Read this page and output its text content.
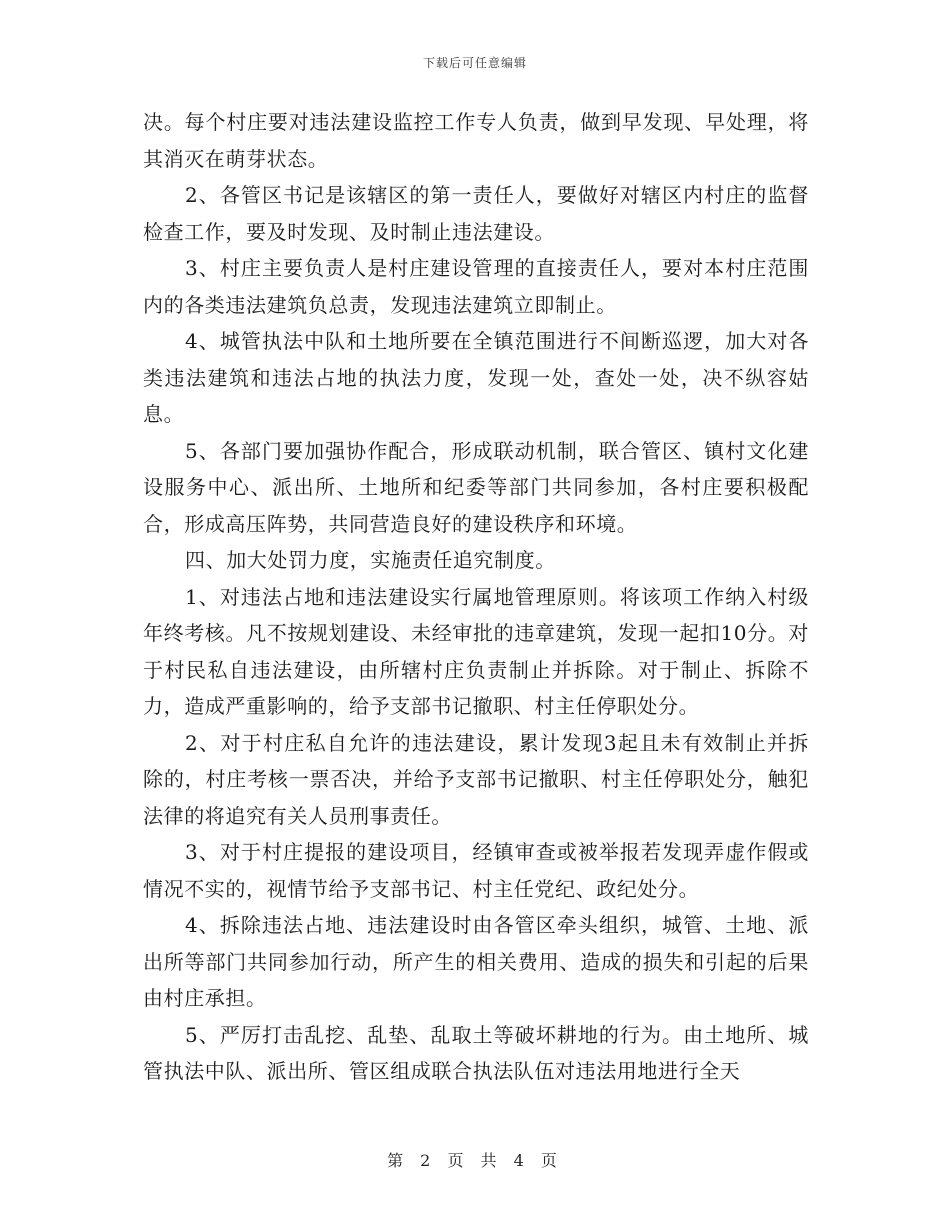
下载后可任意编辑

决。每个村庄要对违法建设监控工作专人负责，做到早发现、早处理，将其消灭在萌芽状态。

2、各管区书记是该辖区的第一责任人，要做好对辖区内村庄的监督检查工作，要及时发现、及时制止违法建设。

3、村庄主要负责人是村庄建设管理的直接责任人，要对本村庄范围内的各类违法建筑负总责，发现违法建筑立即制止。

4、城管执法中队和土地所要在全镇范围进行不间断巡逻，加大对各类违法建筑和违法占地的执法力度，发现一处，查处一处，决不纵容姑息。

5、各部门要加强协作配合，形成联动机制，联合管区、镇村文化建设服务中心、派出所、土地所和纪委等部门共同参加，各村庄要积极配合，形成高压阵势，共同营造良好的建设秩序和环境。

四、加大处罚力度，实施责任追究制度。

1、对违法占地和违法建设实行属地管理原则。将该项工作纳入村级年终考核。凡不按规划建设、未经审批的违章建筑，发现一起扣10分。对于村民私自违法建设，由所辖村庄负责制止并拆除。对于制止、拆除不力，造成严重影响的，给予支部书记撤职、村主任停职处分。

2、对于村庄私自允许的违法建设，累计发现3起且未有效制止并拆除的，村庄考核一票否决，并给予支部书记撤职、村主任停职处分，触犯法律的将追究有关人员刑事责任。

3、对于村庄提报的建设项目，经镇审查或被举报若发现弄虚作假或情况不实的，视情节给予支部书记、村主任党纪、政纪处分。

4、拆除违法占地、违法建设时由各管区牵头组织，城管、土地、派出所等部门共同参加行动，所产生的相关费用、造成的损失和引起的后果由村庄承担。

5、严厉打击乱挖、乱垫、乱取土等破坏耕地的行为。由土地所、城管执法中队、派出所、管区组成联合执法队伍对违法用地进行全天

第 2 页 共 4 页
